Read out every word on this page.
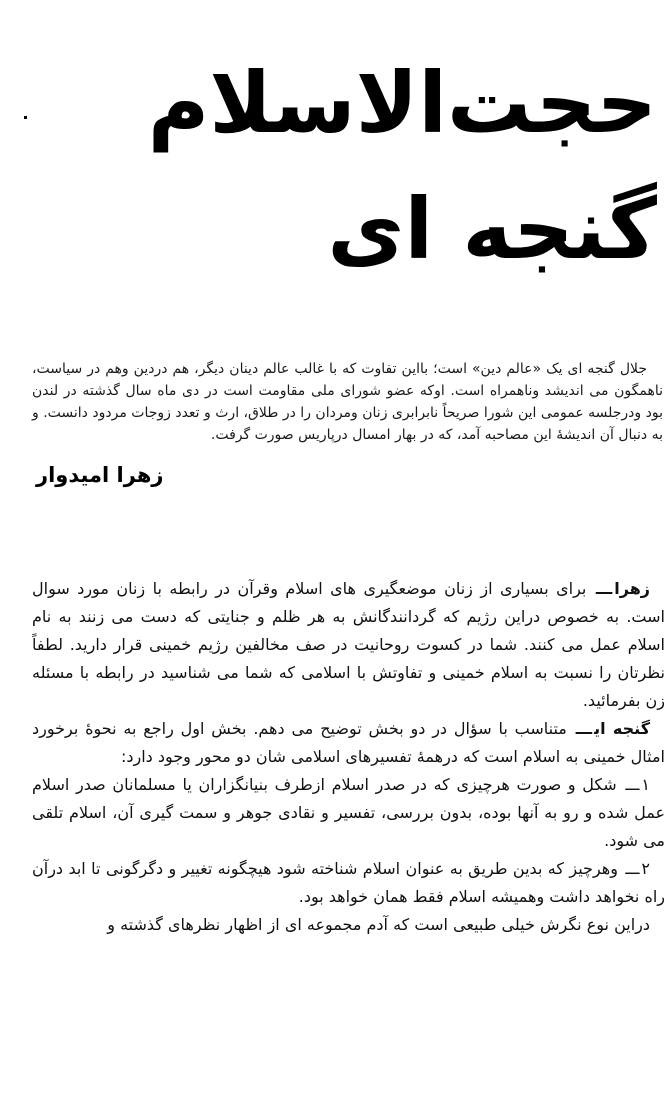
حجت‌الاسلام
گنجه ای

جلال گنجه ای یک «عالم دین» است؛ بااین تفاوت که با غالب عالم دینان دیگر، هم دردین وهم در سیاست، ناهمگون می اندیشد وناهمراه است. اوکه عضو شورای ملی مقاومت است در دی ماه سال گذشته در لندن بود ودرجلسه عمومی این شورا صریحاً نابرابری زنان ومردان را در طلاق، ارث و تعدد زوجات مردود دانست. و به دنبال آن اندیشهٔ این مصاحبه آمد، که در بهار امسال درپاریس صورت گرفت.

زهرا امیدوار

زهراـــ برای بسیاری از زنان موضعگیری های اسلام وقرآن در رابطه با زنان مورد سوال است. به خصوص دراین رژیم که گردانندگانش به هر ظلم و جنایتی که دست می زنند به نام اسلام عمل می کنند. شما در کسوت روحانیت در صف مخالفین رژیم خمینی قرار دارید. لطفاً نظرتان را نسبت به اسلام خمینی و تفاوتش با اسلامی که شما می شناسید در رابطه با مسئله زن بفرمائید.

گنجه ایـــ متناسب با سؤال در دو بخش توضیح می دهم. بخش اول راجع به نحوهٔ برخورد امثال خمینی به اسلام است که درهمهٔ تفسیرهای اسلامی شان دو محور وجود دارد:

۱ـــ شکل و صورت هرچیزی که در صدر اسلام ازطرف بنیانگزاران یا مسلمانان صدر اسلام عمل شده و رو به آنها بوده، بدون بررسی، تفسیر و نقادی جوهر و سمت گیری آن، اسلام تلقی می شود.

۲ـــ وهرچیز که بدین طریق به عنوان اسلام شناخته شود هیچگونه تغییر و دگرگونی تا ابد درآن راه نخواهد داشت وهمیشه اسلام فقط همان خواهد بود.

دراین نوع نگرش خیلی طبیعی است که آدم مجموعه ای از اظهار نظرهای گذشته و
